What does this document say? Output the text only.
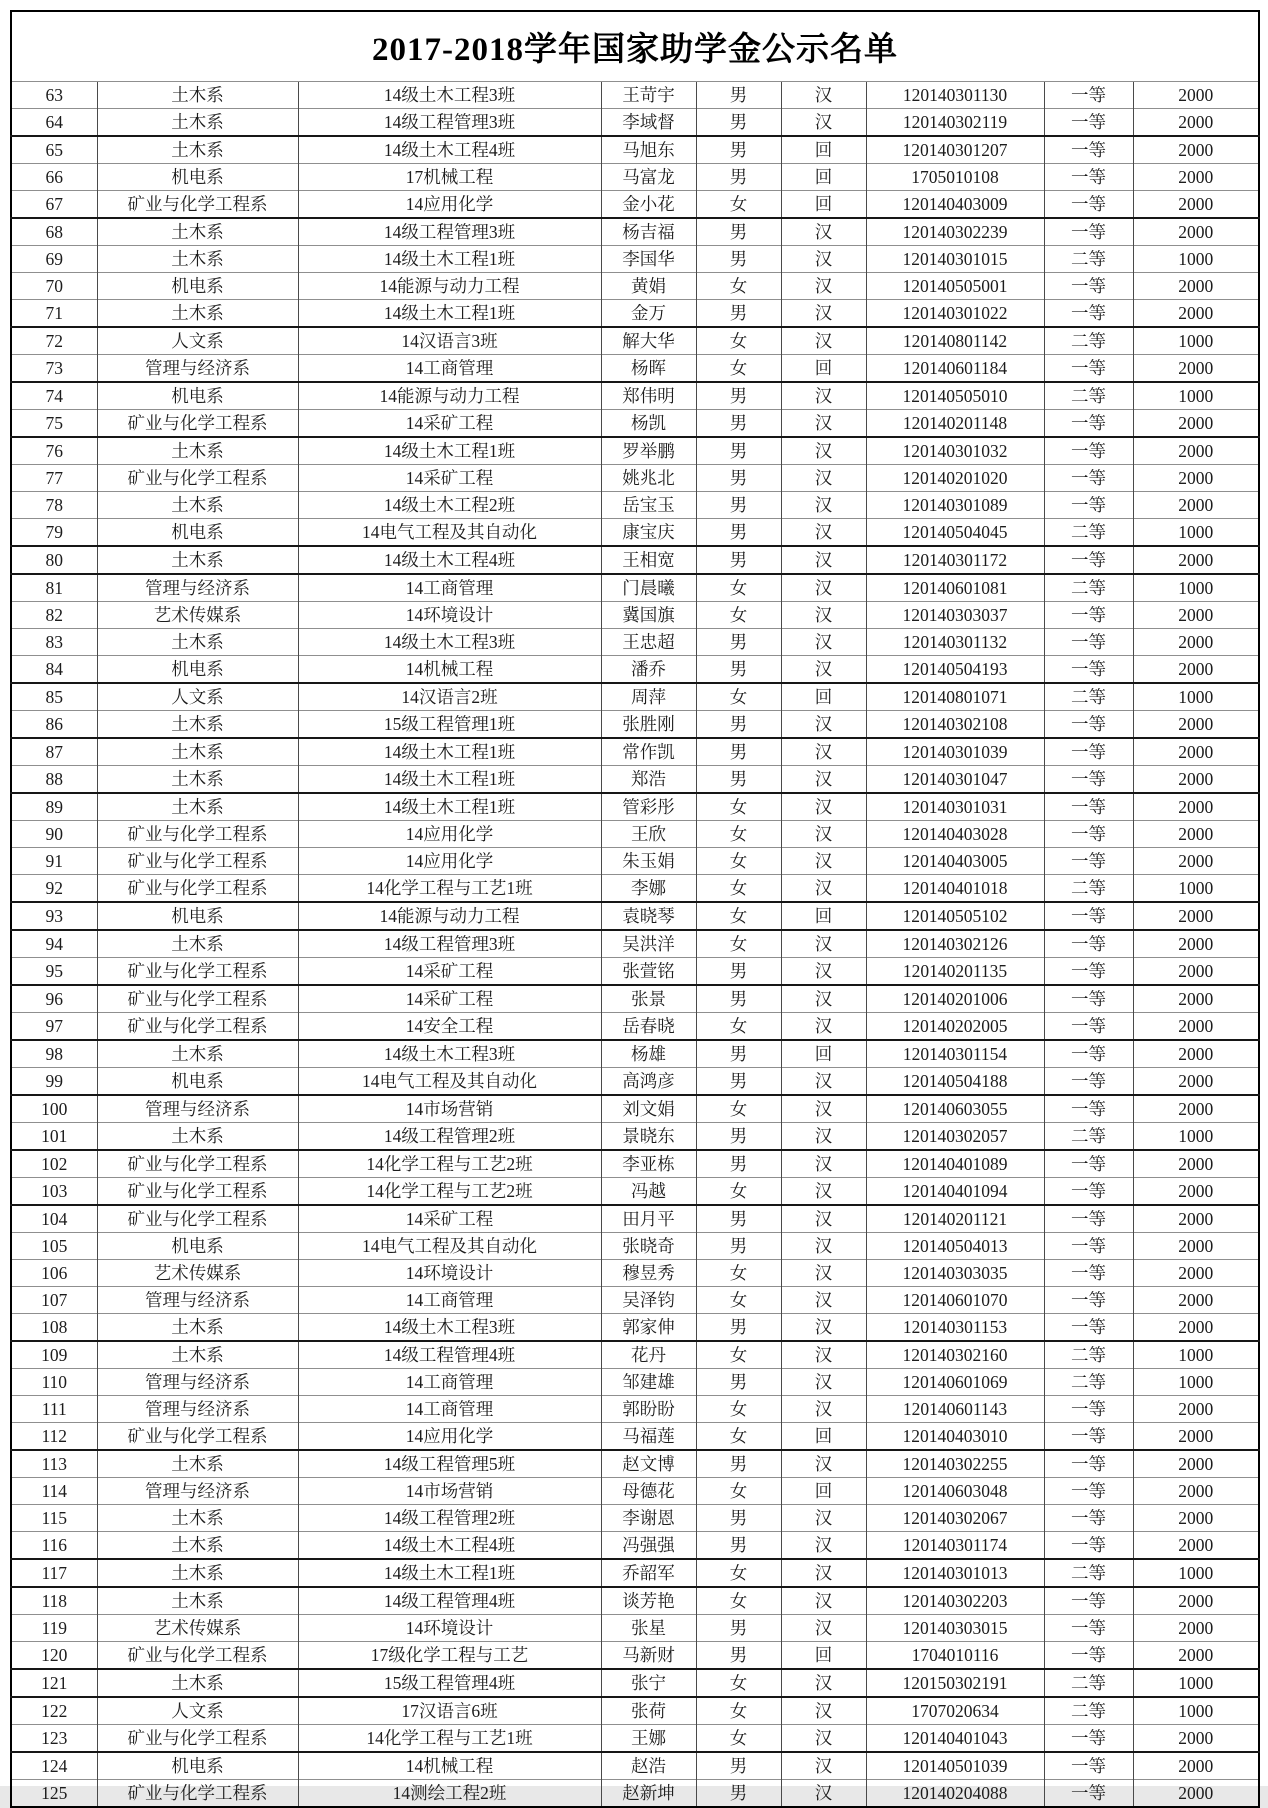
2017-2018学年国家助学金公示名单								
63	土木系	14级土木工程3班	王苛宇	男	汉	120140301130	一等	2000
64	土木系	14级工程管理3班	李域督	男	汉	120140302119	一等	2000
65	土木系	14级土木工程4班	马旭东	男	回	120140301207	一等	2000
66	机电系	17机械工程	马富龙	男	回	1705010108	一等	2000
67	矿业与化学工程系	14应用化学	金小花	女	回	120140403009	一等	2000
68	土木系	14级工程管理3班	杨吉福	男	汉	120140302239	一等	2000
69	土木系	14级土木工程1班	李国华	男	汉	120140301015	二等	1000
70	机电系	14能源与动力工程	黄娟	女	汉	120140505001	一等	2000
71	土木系	14级土木工程1班	金万	男	汉	120140301022	一等	2000
72	人文系	14汉语言3班	解大华	女	汉	120140801142	二等	1000
73	管理与经济系	14工商管理	杨晖	女	回	120140601184	一等	2000
74	机电系	14能源与动力工程	郑伟明	男	汉	120140505010	二等	1000
75	矿业与化学工程系	14采矿工程	杨凯	男	汉	120140201148	一等	2000
76	土木系	14级土木工程1班	罗举鹏	男	汉	120140301032	一等	2000
77	矿业与化学工程系	14采矿工程	姚兆北	男	汉	120140201020	一等	2000
78	土木系	14级土木工程2班	岳宝玉	男	汉	120140301089	一等	2000
79	机电系	14电气工程及其自动化	康宝庆	男	汉	120140504045	二等	1000
80	土木系	14级土木工程4班	王相宽	男	汉	120140301172	一等	2000
81	管理与经济系	14工商管理	门晨曦	女	汉	120140601081	二等	1000
82	艺术传媒系	14环境设计	冀国旗	女	汉	120140303037	一等	2000
83	土木系	14级土木工程3班	王忠超	男	汉	120140301132	一等	2000
84	机电系	14机械工程	潘乔	男	汉	120140504193	一等	2000
85	人文系	14汉语言2班	周萍	女	回	120140801071	二等	1000
86	土木系	15级工程管理1班	张胜刚	男	汉	120140302108	一等	2000
87	土木系	14级土木工程1班	常作凯	男	汉	120140301039	一等	2000
88	土木系	14级土木工程1班	郑浩	男	汉	120140301047	一等	2000
89	土木系	14级土木工程1班	管彩彤	女	汉	120140301031	一等	2000
90	矿业与化学工程系	14应用化学	王欣	女	汉	120140403028	一等	2000
91	矿业与化学工程系	14应用化学	朱玉娟	女	汉	120140403005	一等	2000
92	矿业与化学工程系	14化学工程与工艺1班	李娜	女	汉	120140401018	二等	1000
93	机电系	14能源与动力工程	袁晓琴	女	回	120140505102	一等	2000
94	土木系	14级工程管理3班	吴洪洋	女	汉	120140302126	一等	2000
95	矿业与化学工程系	14采矿工程	张萱铭	男	汉	120140201135	一等	2000
96	矿业与化学工程系	14采矿工程	张景	男	汉	120140201006	一等	2000
97	矿业与化学工程系	14安全工程	岳春晓	女	汉	120140202005	一等	2000
98	土木系	14级土木工程3班	杨雄	男	回	120140301154	一等	2000
99	机电系	14电气工程及其自动化	高鸿彦	男	汉	120140504188	一等	2000
100	管理与经济系	14市场营销	刘文娟	女	汉	120140603055	一等	2000
101	土木系	14级工程管理2班	景晓东	男	汉	120140302057	二等	1000
102	矿业与化学工程系	14化学工程与工艺2班	李亚栋	男	汉	120140401089	一等	2000
103	矿业与化学工程系	14化学工程与工艺2班	冯越	女	汉	120140401094	一等	2000
104	矿业与化学工程系	14采矿工程	田月平	男	汉	120140201121	一等	2000
105	机电系	14电气工程及其自动化	张晓奇	男	汉	120140504013	一等	2000
106	艺术传媒系	14环境设计	穆昱秀	女	汉	120140303035	一等	2000
107	管理与经济系	14工商管理	吴泽钧	女	汉	120140601070	一等	2000
108	土木系	14级土木工程3班	郭家伸	男	汉	120140301153	一等	2000
109	土木系	14级工程管理4班	花丹	女	汉	120140302160	二等	1000
110	管理与经济系	14工商管理	邹建雄	男	汉	120140601069	二等	1000
111	管理与经济系	14工商管理	郭盼盼	女	汉	120140601143	一等	2000
112	矿业与化学工程系	14应用化学	马福莲	女	回	120140403010	一等	2000
113	土木系	14级工程管理5班	赵文博	男	汉	120140302255	一等	2000
114	管理与经济系	14市场营销	母德花	女	回	120140603048	一等	2000
115	土木系	14级工程管理2班	李谢恩	男	汉	120140302067	一等	2000
116	土木系	14级土木工程4班	冯强强	男	汉	120140301174	一等	2000
117	土木系	14级土木工程1班	乔韶军	女	汉	120140301013	二等	1000
118	土木系	14级工程管理4班	谈芳艳	女	汉	120140302203	一等	2000
119	艺术传媒系	14环境设计	张星	男	汉	120140303015	一等	2000
120	矿业与化学工程系	17级化学工程与工艺	马新财	男	回	1704010116	一等	2000
121	土木系	15级工程管理4班	张宁	女	汉	120150302191	二等	1000
122	人文系	17汉语言6班	张荷	女	汉	1707020634	二等	1000
123	矿业与化学工程系	14化学工程与工艺1班	王娜	女	汉	120140401043	一等	2000
124	机电系	14机械工程	赵浩	男	汉	120140501039	一等	2000
125	矿业与化学工程系	14测绘工程2班	赵新坤	男	汉	120140204088	一等	2000
